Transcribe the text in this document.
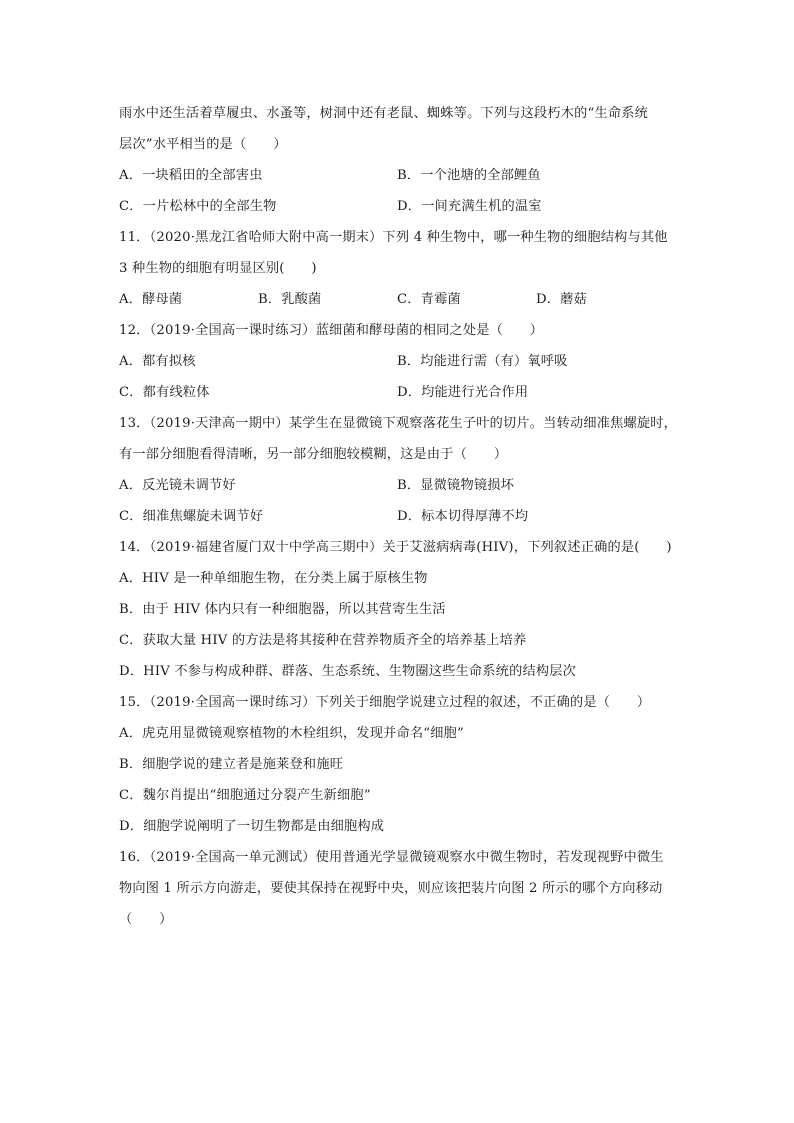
雨水中还生活着草履虫、水蚤等，树洞中还有老鼠、蜘蛛等。下列与这段朽木的“生命系统
层次”水平相当的是（　　）
A．一块稻田的全部害虫	B．一个池塘的全部鲤鱼
C．一片松林中的全部生物	D．一间充满生机的温室
11．（2020·黑龙江省哈师大附中高一期末）下列 4 种生物中，哪一种生物的细胞结构与其他
3 种生物的细胞有明显区别(　　)
A．酵母菌	B．乳酸菌	C．青霉菌	D．蘑菇
12．（2019·全国高一课时练习）蓝细菌和酵母菌的相同之处是（　　）
A．都有拟核	B．均能进行需（有）氧呼吸
C．都有线粒体	D．均能进行光合作用
13．（2019·天津高一期中）某学生在显微镜下观察落花生子叶的切片。当转动细准焦螺旋时，
有一部分细胞看得清晰，另一部分细胞较模糊，这是由于（　　）
A．反光镜未调节好	B．显微镜物镜损坏
C．细准焦螺旋未调节好	D．标本切得厚薄不均
14．（2019·福建省厦门双十中学高三期中）关于艾滋病病毒(HIV)，下列叙述正确的是(　　)
A．HIV 是一种单细胞生物，在分类上属于原核生物
B．由于 HIV 体内只有一种细胞器，所以其营寄生生活
C．获取大量 HIV 的方法是将其接种在营养物质齐全的培养基上培养
D．HIV 不参与构成种群、群落、生态系统、生物圈这些生命系统的结构层次
15．（2019·全国高一课时练习）下列关于细胞学说建立过程的叙述，不正确的是（　　）
A．虎克用显微镜观察植物的木栓组织，发现并命名“细胞”
B．细胞学说的建立者是施莱登和施旺
C．魏尔肖提出“细胞通过分裂产生新细胞”
D．细胞学说阐明了一切生物都是由细胞构成
16．（2019·全国高一单元测试）使用普通光学显微镜观察水中微生物时，若发现视野中微生
物向图 1 所示方向游走，要使其保持在视野中央，则应该把装片向图 2 所示的哪个方向移动
（　　）
